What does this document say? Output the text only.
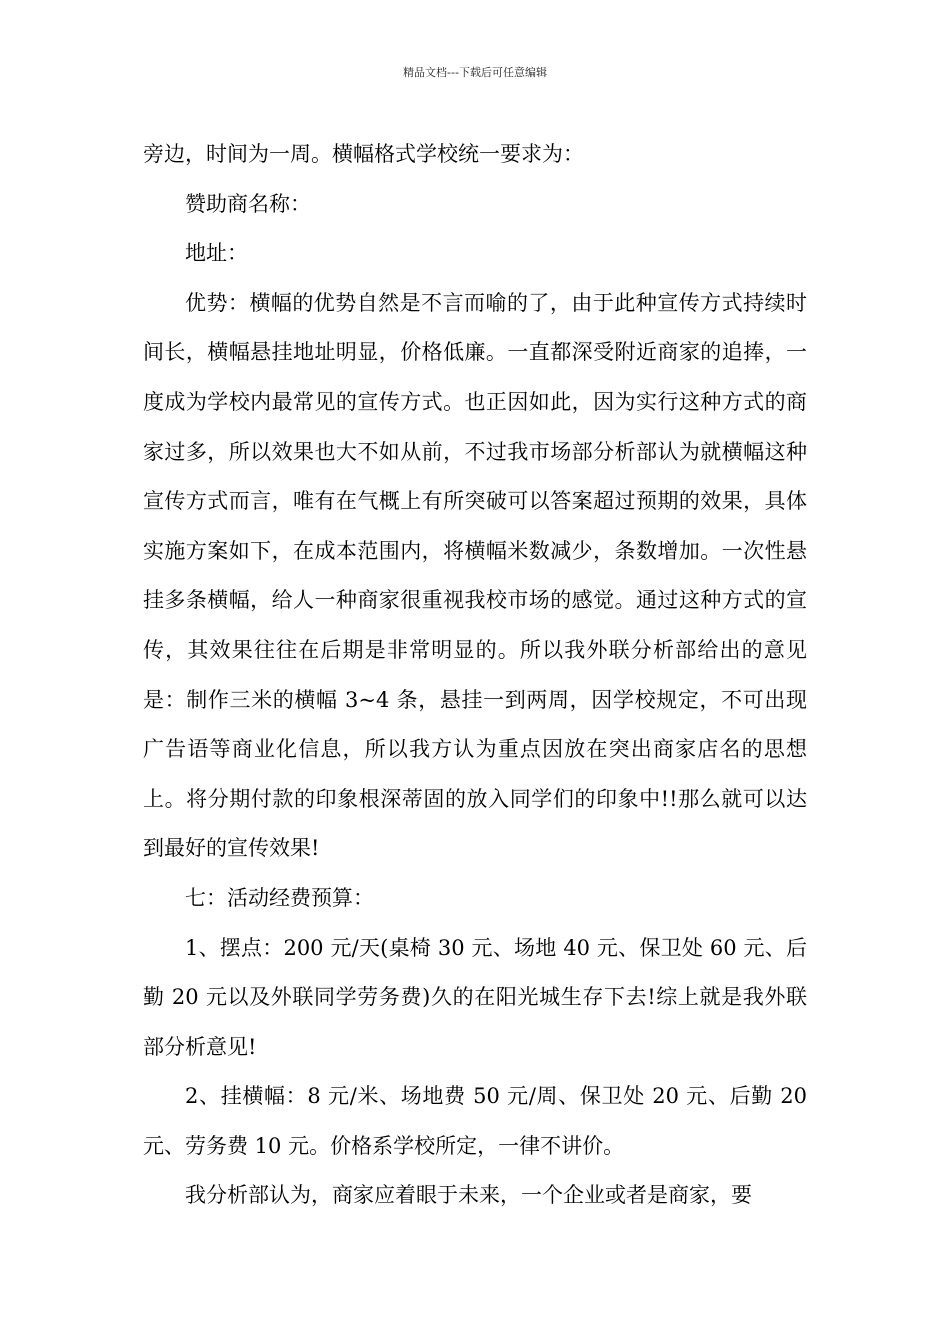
精品文档---下载后可任意编辑

旁边，时间为一周。横幅格式学校统一要求为：

赞助商名称：

地址：

优势：横幅的优势自然是不言而喻的了，由于此种宣传方式持续时间长，横幅悬挂地址明显，价格低廉。一直都深受附近商家的追捧，一度成为学校内最常见的宣传方式。也正因如此，因为实行这种方式的商家过多，所以效果也大不如从前，不过我市场部分析部认为就横幅这种宣传方式而言，唯有在气概上有所突破可以答案超过预期的效果，具体实施方案如下，在成本范围内，将横幅米数减少，条数增加。一次性悬挂多条横幅，给人一种商家很重视我校市场的感觉。通过这种方式的宣传，其效果往往在后期是非常明显的。所以我外联分析部给出的意见是：制作三米的横幅 3~4 条，悬挂一到两周，因学校规定，不可出现广告语等商业化信息，所以我方认为重点因放在突出商家店名的思想上。将分期付款的印象根深蒂固的放入同学们的印象中!!那么就可以达到最好的宣传效果!

七：活动经费预算：

1、摆点：200 元/天(桌椅 30 元、场地 40 元、保卫处 60 元、后勤 20 元以及外联同学劳务费)久的在阳光城生存下去!综上就是我外联部分析意见!

2、挂横幅：8 元/米、场地费 50 元/周、保卫处 20 元、后勤 20 元、劳务费 10 元。价格系学校所定，一律不讲价。

我分析部认为，商家应着眼于未来，一个企业或者是商家，要
